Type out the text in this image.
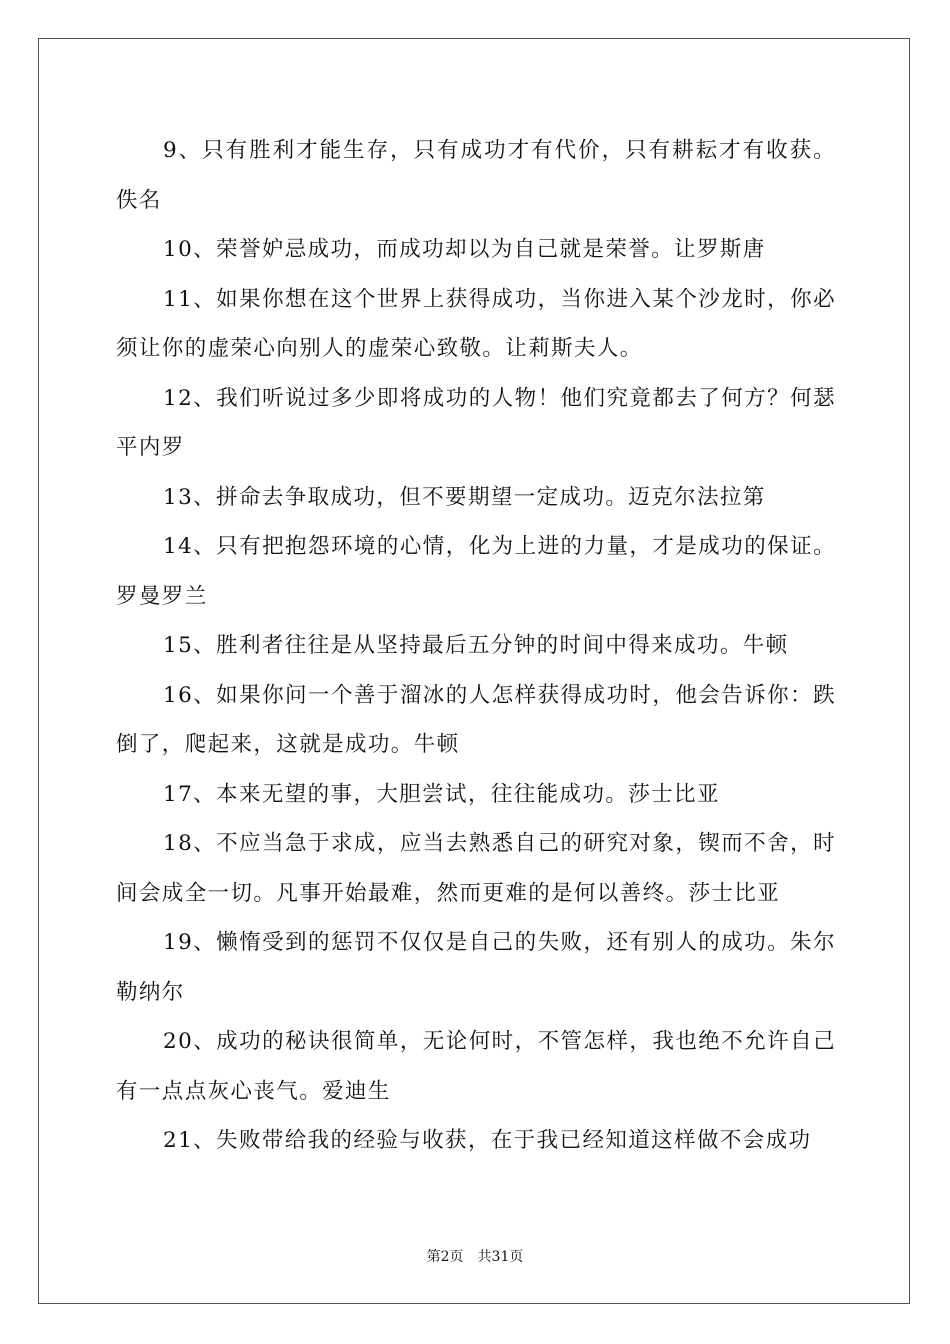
9、只有胜利才能生存，只有成功才有代价，只有耕耘才有收获。佚名

10、荣誉妒忌成功，而成功却以为自己就是荣誉。让罗斯唐

11、如果你想在这个世界上获得成功，当你进入某个沙龙时，你必须让你的虚荣心向别人的虚荣心致敬。让莉斯夫人。

12、我们听说过多少即将成功的人物！他们究竟都去了何方？何瑟平内罗

13、拼命去争取成功，但不要期望一定成功。迈克尔法拉第

14、只有把抱怨环境的心情，化为上进的力量，才是成功的保证。罗曼罗兰

15、胜利者往往是从坚持最后五分钟的时间中得来成功。牛顿

16、如果你问一个善于溜冰的人怎样获得成功时，他会告诉你：跌倒了，爬起来，这就是成功。牛顿

17、本来无望的事，大胆尝试，往往能成功。莎士比亚

18、不应当急于求成，应当去熟悉自己的研究对象，锲而不舍，时间会成全一切。凡事开始最难，然而更难的是何以善终。莎士比亚

19、懒惰受到的惩罚不仅仅是自己的失败，还有别人的成功。朱尔勒纳尔

20、成功的秘诀很简单，无论何时，不管怎样，我也绝不允许自己有一点点灰心丧气。爱迪生

21、失败带给我的经验与收获，在于我已经知道这样做不会成功

第2页 共31页
